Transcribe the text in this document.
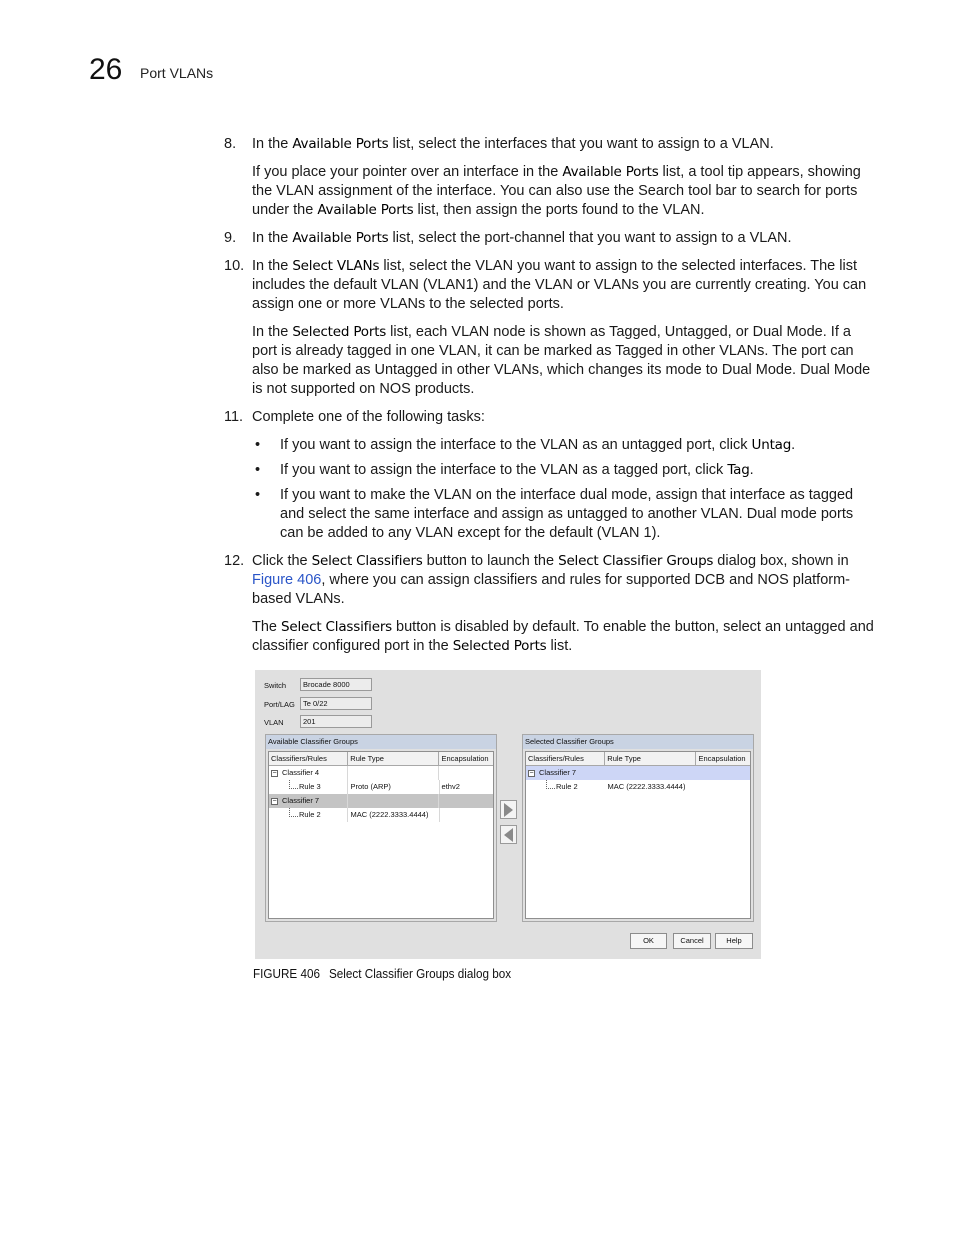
26 Port VLANs
8. In the Available Ports list, select the interfaces that you want to assign to a VLAN.
If you place your pointer over an interface in the Available Ports list, a tool tip appears, showing the VLAN assignment of the interface. You can also use the Search tool bar to search for ports under the Available Ports list, then assign the ports found to the VLAN.
9. In the Available Ports list, select the port-channel that you want to assign to a VLAN.
10. In the Select VLANs list, select the VLAN you want to assign to the selected interfaces. The list includes the default VLAN (VLAN1) and the VLAN or VLANs you are currently creating. You can assign one or more VLANs to the selected ports.
In the Selected Ports list, each VLAN node is shown as Tagged, Untagged, or Dual Mode. If a port is already tagged in one VLAN, it can be marked as Tagged in other VLANs. The port can also be marked as Untagged in other VLANs, which changes its mode to Dual Mode. Dual Mode is not supported on NOS products.
11. Complete one of the following tasks:
• If you want to assign the interface to the VLAN as an untagged port, click Untag.
• If you want to assign the interface to the VLAN as a tagged port, click Tag.
• If you want to make the VLAN on the interface dual mode, assign that interface as tagged and select the same interface and assign as untagged to another VLAN. Dual mode ports can be added to any VLAN except for the default (VLAN 1).
12. Click the Select Classifiers button to launch the Select Classifier Groups dialog box, shown in Figure 406, where you can assign classifiers and rules for supported DCB and NOS platform-based VLANs.
The Select Classifiers button is disabled by default. To enable the button, select an untagged and classifier configured port in the Selected Ports list.
Switch	Brocade 8000
Port/LAG	Te 0/22
VLAN	201
Available Classifier Groups
Classifiers/Rules	Rule Type	Encapsulation
− Classifier 4
Rule 3	Proto (ARP)	ethv2
− Classifier 7
Rule 2	MAC (2222.3333.4444)
Selected Classifier Groups
Classifiers/Rules	Rule Type	Encapsulation
− Classifier 7
Rule 2	MAC (2222.3333.4444)
OK	Cancel	Help
FIGURE 406 Select Classifier Groups dialog box
